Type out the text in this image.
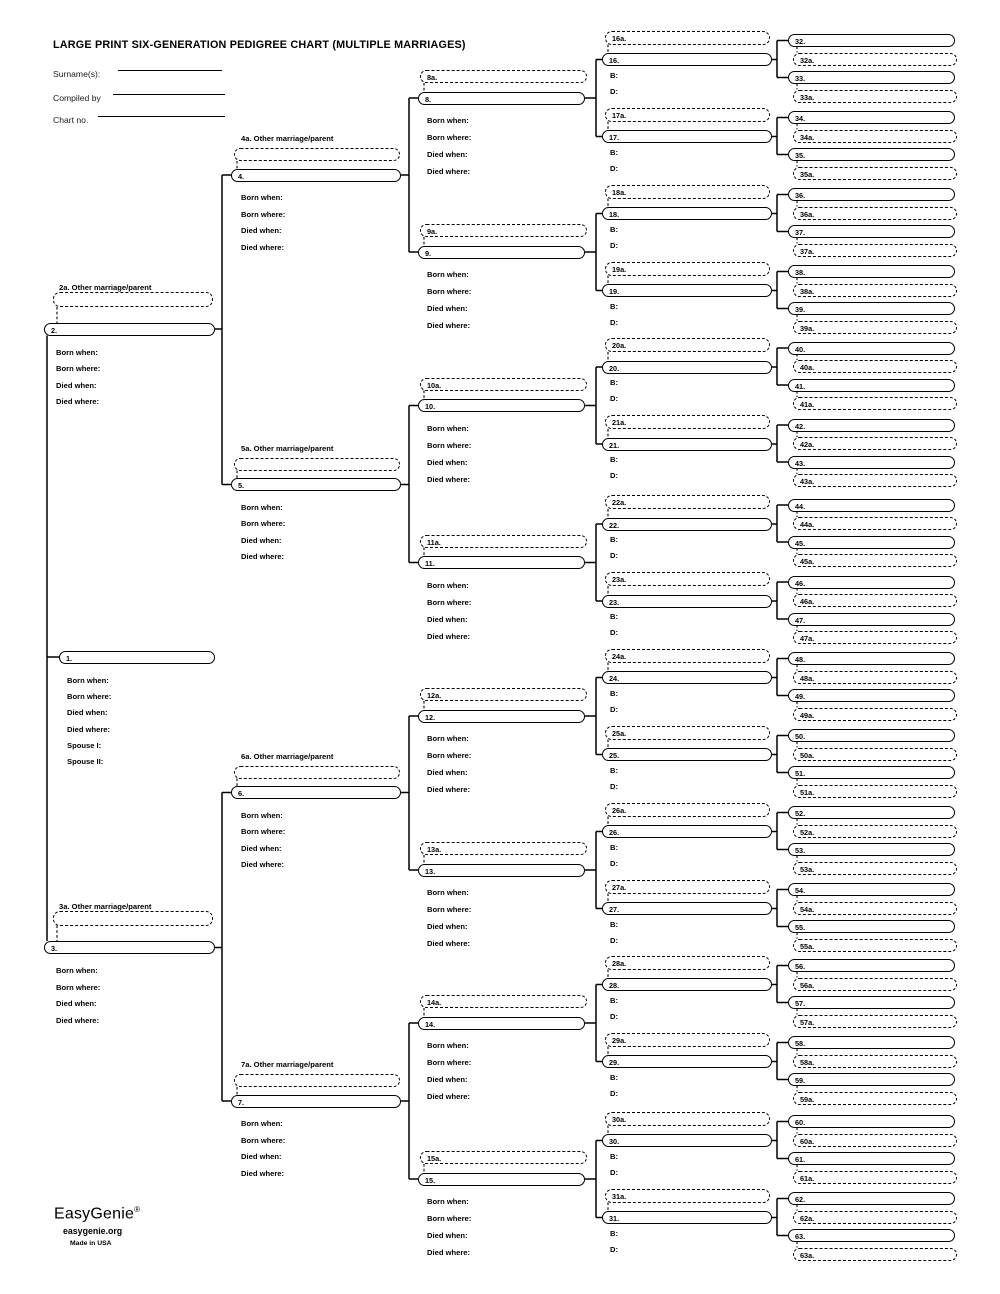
LARGE PRINT SIX-GENERATION PEDIGREE CHART (MULTIPLE MARRIAGES)
Surname(s):
Compiled by
Chart no.
1.
Born when:
Born where:
Died when:
Died where:
Spouse I:
Spouse II:
2a. Other marriage/parent
2.
Born when:
Born where:
Died when:
Died where:
3a. Other marriage/parent
3.
Born when:
Born where:
Died when:
Died where:
4a. Other marriage/parent
4.
Born when:
Born where:
Died when:
Died where:
5a. Other marriage/parent
5.
Born when:
Born where:
Died when:
Died where:
6a. Other marriage/parent
6.
Born when:
Born where:
Died when:
Died where:
7a. Other marriage/parent
7.
Born when:
Born where:
Died when:
Died where:
8a.
8.
Born when:
Born where:
Died when:
Died where:
9a.
9.
Born when:
Born where:
Died when:
Died where:
10a.
10.
Born when:
Born where:
Died when:
Died where:
11a.
11.
Born when:
Born where:
Died when:
Died where:
12a.
12.
Born when:
Born where:
Died when:
Died where:
13a.
13.
Born when:
Born where:
Died when:
Died where:
14a.
14.
Born when:
Born where:
Died when:
Died where:
15a.
15.
Born when:
Born where:
Died when:
Died where:
16a.
16.
B:
D:
17a.
17.
B:
D:
18a.
18.
B:
D:
19a.
19.
B:
D:
20a.
20.
B:
D:
21a.
21.
B:
D:
22a.
22.
B:
D:
23a.
23.
B:
D:
24a.
24.
B:
D:
25a.
25.
B:
D:
26a.
26.
B:
D:
27a.
27.
B:
D:
28a.
28.
B:
D:
29a.
29.
B:
D:
30a.
30.
B:
D:
31a.
31.
B:
D:
32.
32a.
33.
33a.
34.
34a.
35.
35a.
36.
36a.
37.
37a.
38.
38a.
39.
39a.
40.
40a.
41.
41a.
42.
42a.
43.
43a.
44.
44a.
45.
45a.
46.
46a.
47.
47a.
48.
48a.
49.
49a.
50.
50a.
51.
51a.
52.
52a.
53.
53a.
54.
54a.
55.
55a.
56.
56a.
57.
57a.
58.
58a.
59.
59a.
60.
60a.
61.
61a.
62.
62a.
63.
63a.
EasyGenie®
easygenie.org
Made in USA
